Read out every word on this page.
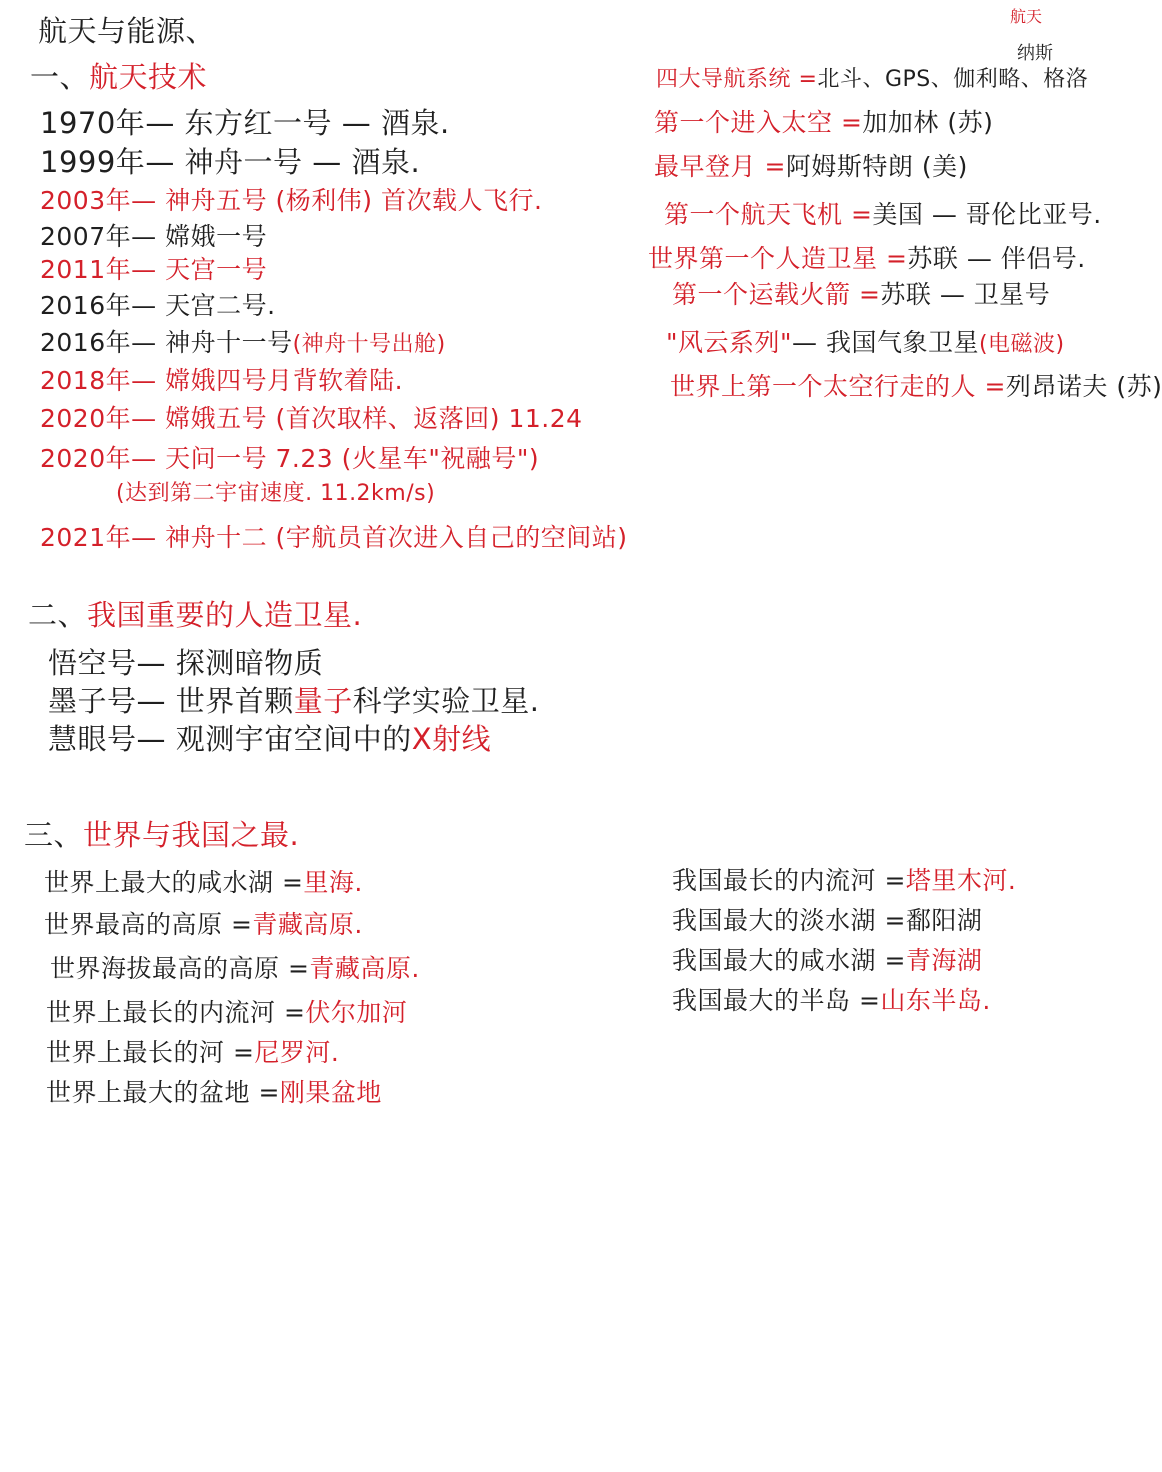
航天
航天与能源、
一、航天技术
1970年— 东方红一号 — 酒泉.
1999年— 神舟一号 — 酒泉.
2003年— 神舟五号 (杨利伟) 首次载人飞行.
2007年— 嫦娥一号
2011年— 天宫一号
2016年— 天宫二号.
2016年— 神舟十一号(神舟十号出舱)
2018年— 嫦娥四号月背软着陆.
2020年— 嫦娥五号 (首次取样、返落回) 11.24
2020年— 天问一号 7.23 (火星车"祝融号")
(达到第二宇宙速度. 11.2km/s)
2021年— 神舟十二 (宇航员首次进入自己的空间站)
二、我国重要的人造卫星.
悟空号— 探测暗物质
墨子号— 世界首颗量子科学实验卫星.
慧眼号— 观测宇宙空间中的X射线
三、世界与我国之最.
世界上最大的咸水湖 =里海.
世界最高的高原 =青藏高原.
世界海拔最高的高原 =青藏高原.
世界上最长的内流河 =伏尔加河
世界上最长的河 =尼罗河.
世界上最大的盆地 =刚果盆地
我国最长的内流河 =塔里木河.
我国最大的淡水湖 =鄱阳湖
我国最大的咸水湖 =青海湖
我国最大的半岛 =山东半岛.
纳斯
四大导航系统 =北斗、GPS、伽利略、格洛
第一个进入太空 =加加林 (苏)
最早登月 =阿姆斯特朗 (美)
第一个航天飞机 =美国 — 哥伦比亚号.
世界第一个人造卫星 =苏联 — 伴侣号.
第一个运载火箭 =苏联 — 卫星号
"风云系列"— 我国气象卫星(电磁波)
世界上第一个太空行走的人 =列昂诺夫 (苏)
